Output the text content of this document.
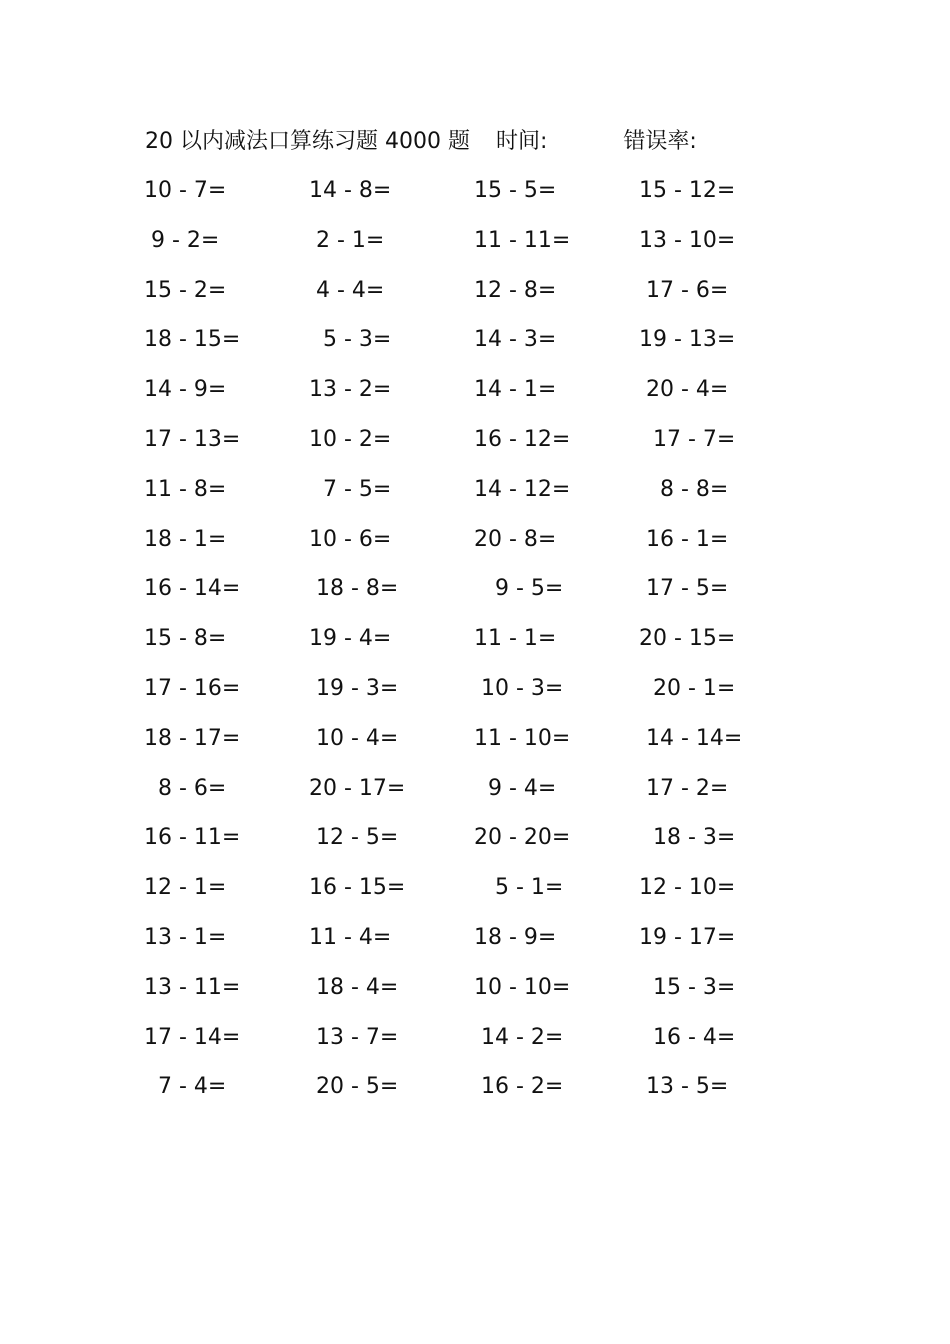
20 以内减法口算练习题 4000 题 时间:	错误率:
10 - 7=	14 - 8=	15 - 5=	15 - 12=
9 - 2=	2 - 1=	11 - 11=	13 - 10=
15 - 2=	4 - 4=	12 - 8=	17 - 6=
18 - 15=	5 - 3=	14 - 3=	19 - 13=
14 - 9=	13 - 2=	14 - 1=	20 - 4=
17 - 13=	10 - 2=	16 - 12=	17 - 7=
11 - 8=	7 - 5=	14 - 12=	8 - 8=
18 - 1=	10 - 6=	20 - 8=	16 - 1=
16 - 14=	18 - 8=	9 - 5=	17 - 5=
15 - 8=	19 - 4=	11 - 1=	20 - 15=
17 - 16=	19 - 3=	10 - 3=	20 - 1=
18 - 17=	10 - 4=	11 - 10=	14 - 14=
8 - 6=	20 - 17=	9 - 4=	17 - 2=
16 - 11=	12 - 5=	20 - 20=	18 - 3=
12 - 1=	16 - 15=	5 - 1=	12 - 10=
13 - 1=	11 - 4=	18 - 9=	19 - 17=
13 - 11=	18 - 4=	10 - 10=	15 - 3=
17 - 14=	13 - 7=	14 - 2=	16 - 4=
7 - 4=	20 - 5=	16 - 2=	13 - 5=
